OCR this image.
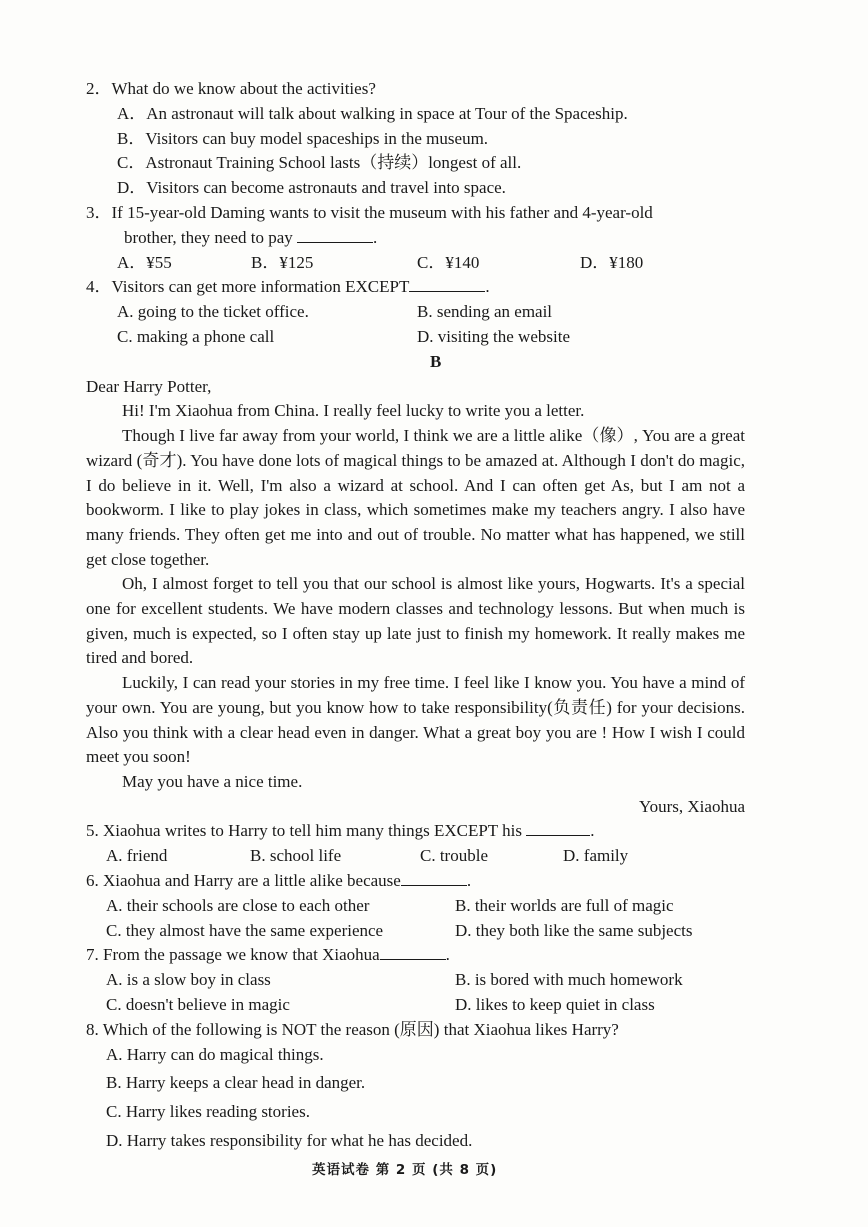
2．What do we know about the activities?
A．An astronaut will talk about walking in space at Tour of the Spaceship.
B．Visitors can buy model spaceships in the museum.
C．Astronaut Training School lasts（持续）longest of all.
D．Visitors can become astronauts and travel into space.
3．If 15-year-old Daming wants to visit the museum with his father and 4-year-old
brother, they need to pay	.
A．¥55	B．¥125	C．¥140	D．¥180
4．Visitors can get more information EXCEPT	.
A. going to the ticket office.	B. sending an email
C. making a phone call	D. visiting the website
B
Dear Harry Potter,
Hi! I'm Xiaohua from China. I really feel lucky to write you a letter.

Though I live far away from your world, I think we are a little alike（像）, You are a great wizard (奇才). You have done lots of magical things to be amazed at. Although I don't do magic, I do believe in it. Well, I'm also a wizard at school. And I can often get As, but I am not a bookworm. I like to play jokes in class, which sometimes make my teachers angry. I also have many friends. They often get me into and out of trouble. No matter what has happened, we still get close together.

Oh, I almost forget to tell you that our school is almost like yours, Hogwarts. It's a special one for excellent students. We have modern classes and technology lessons. But when much is given, much is expected, so I often stay up late just to finish my homework. It really makes me tired and bored.

Luckily, I can read your stories in my free time. I feel like I know you. You have a mind of your own. You are young, but you know how to take responsibility(负责任) for your decisions. Also you think with a clear head even in danger. What a great boy you are ! How I wish I could meet you soon!

May you have a nice time.
Yours, Xiaohua
5. Xiaohua writes to Harry to tell him many things EXCEPT his	.
A. friend	B. school life	C. trouble	D. family
6. Xiaohua and Harry are a little alike because	.
A. their schools are close to each other	B. their worlds are full of magic
C. they almost have the same experience	D. they both like the same subjects
7. From the passage we know that Xiaohua	.
A. is a slow boy in class	B. is bored with much homework
C. doesn't believe in magic	D. likes to keep quiet in class
8. Which of the following is NOT the reason (原因) that Xiaohua likes Harry?
A. Harry can do magical things.
B. Harry keeps a clear head in danger.
C. Harry likes reading stories.
D. Harry takes responsibility for what he has decided.
英语试卷 第 2 页 (共 8 页)
